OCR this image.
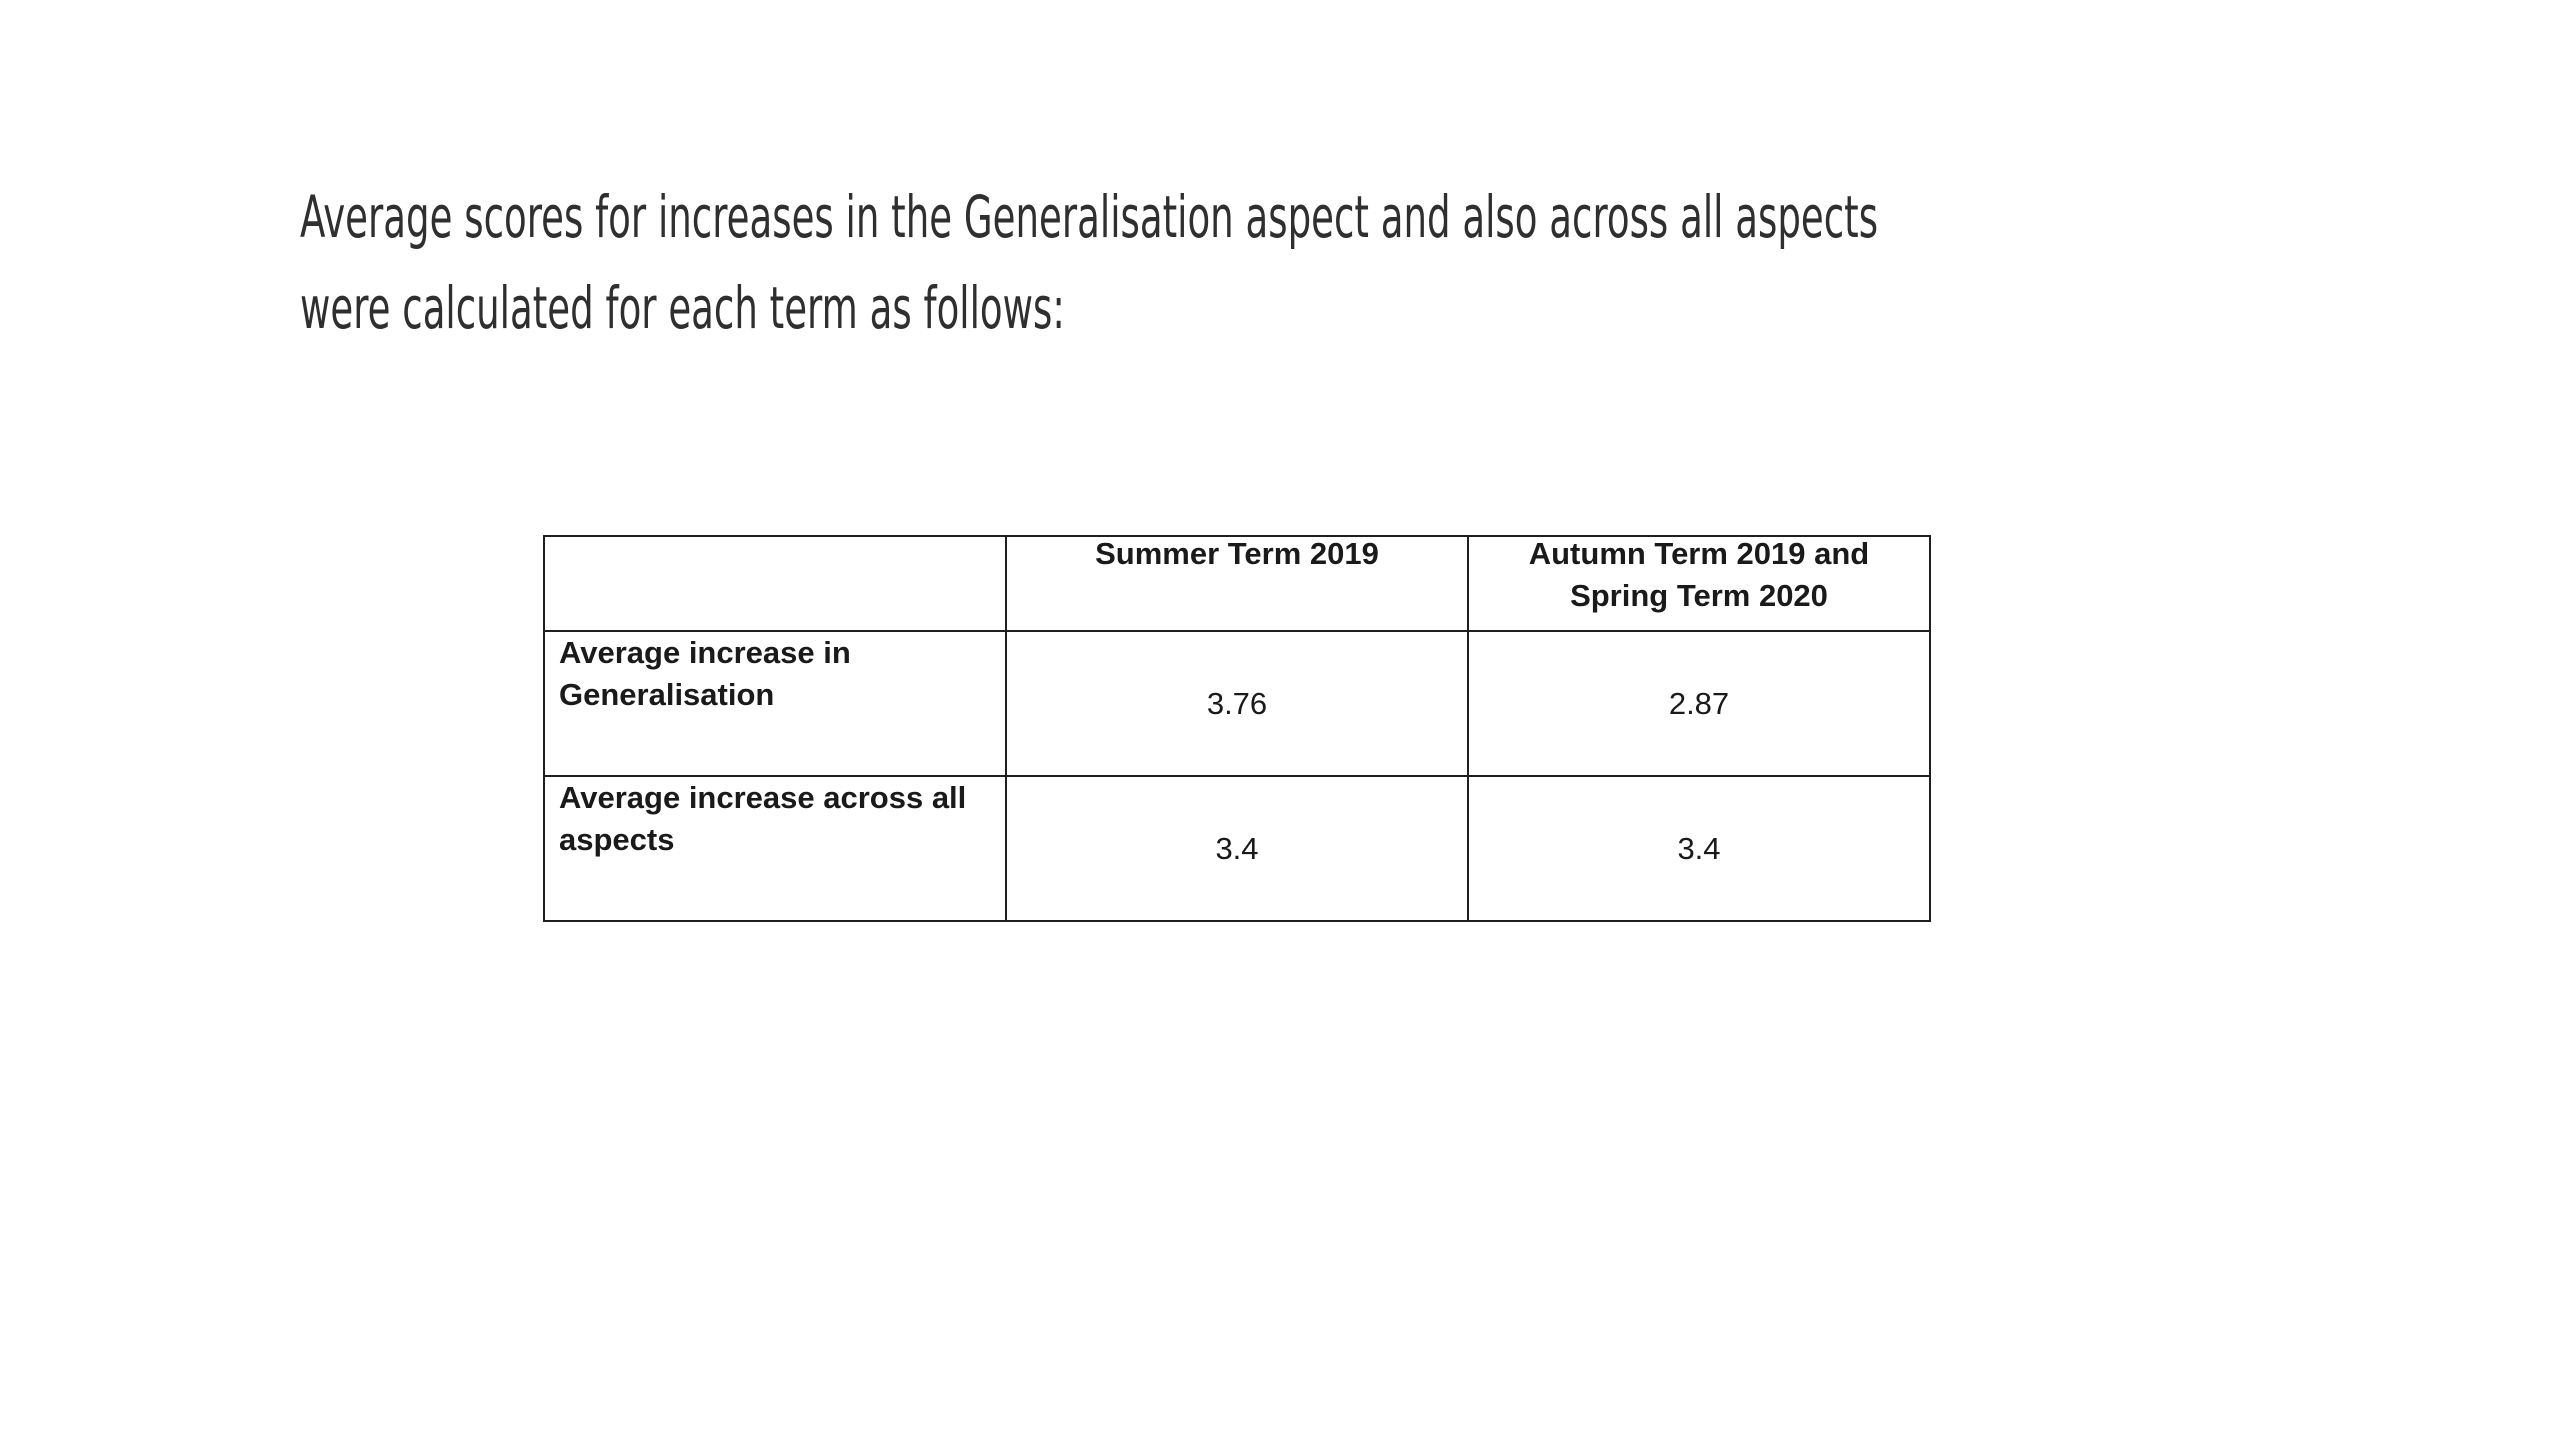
Average scores for increases in the Generalisation aspect and also across all aspects
were calculated for each term as follows:

	Summer Term 2019	Autumn Term 2019 and Spring Term 2020

Average increase in Generalisation	3.76	2.87

Average increase across all aspects	3.4	3.4
